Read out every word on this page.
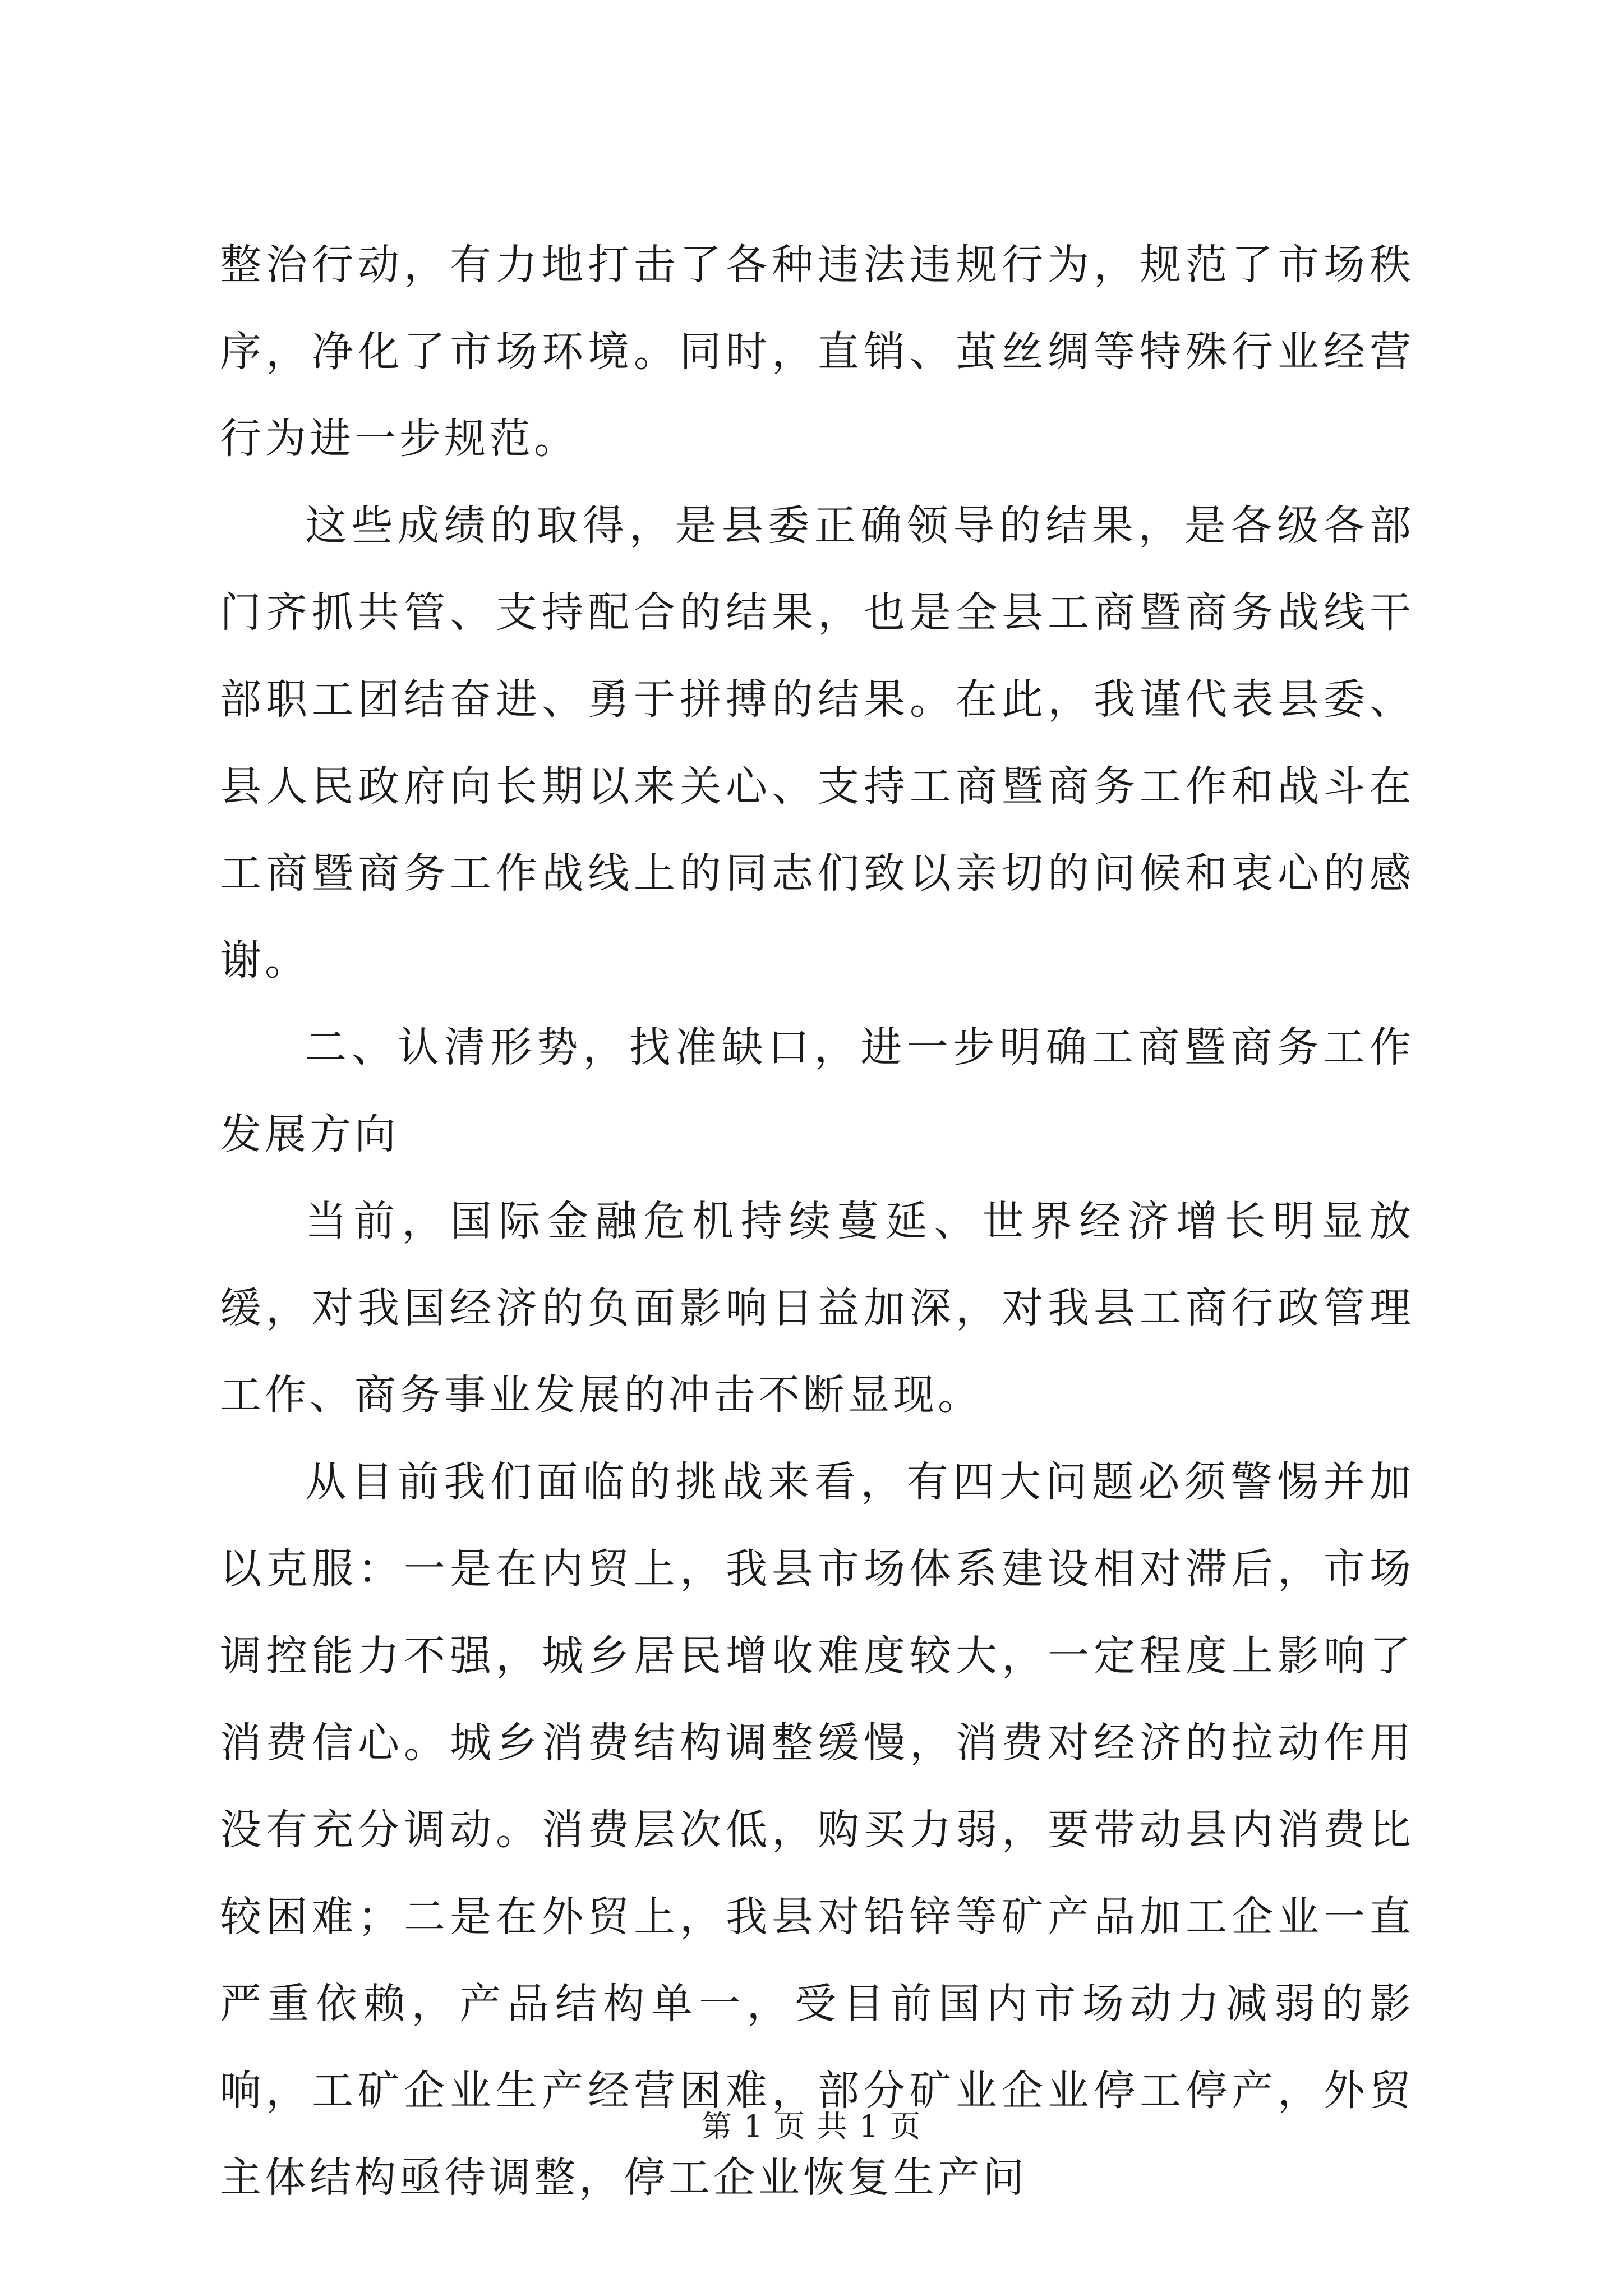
整治行动，有力地打击了各种违法违规行为，规范了市场秩序，净化了市场环境。同时，直销、茧丝绸等特殊行业经营行为进一步规范。

这些成绩的取得，是县委正确领导的结果，是各级各部门齐抓共管、支持配合的结果，也是全县工商暨商务战线干部职工团结奋进、勇于拼搏的结果。在此，我谨代表县委、县人民政府向长期以来关心、支持工商暨商务工作和战斗在工商暨商务工作战线上的同志们致以亲切的问候和衷心的感谢。

二、认清形势，找准缺口，进一步明确工商暨商务工作发展方向

当前，国际金融危机持续蔓延、世界经济增长明显放缓，对我国经济的负面影响日益加深，对我县工商行政管理工作、商务事业发展的冲击不断显现。

从目前我们面临的挑战来看，有四大问题必须警惕并加以克服：一是在内贸上，我县市场体系建设相对滞后，市场调控能力不强，城乡居民增收难度较大，一定程度上影响了消费信心。城乡消费结构调整缓慢，消费对经济的拉动作用没有充分调动。消费层次低，购买力弱，要带动县内消费比较困难；二是在外贸上，我县对铅锌等矿产品加工企业一直严重依赖，产品结构单一，受目前国内市场动力减弱的影响，工矿企业生产经营困难，部分矿业企业停工停产，外贸主体结构亟待调整，停工企业恢复生产问

第 1 页 共 1 页
